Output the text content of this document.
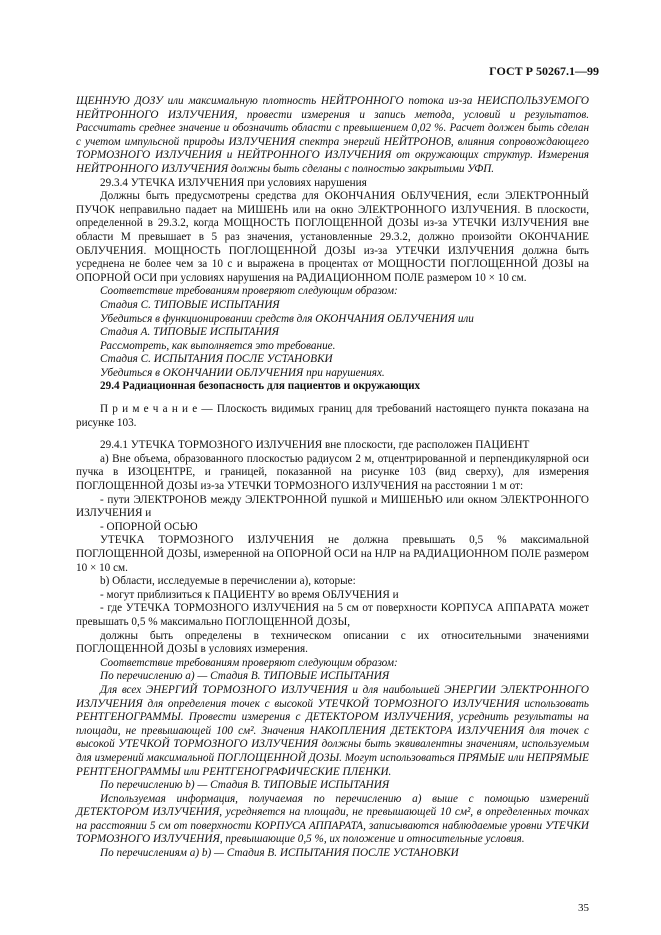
ГОСТ Р 50267.1—99

ЩЕННУЮ ДОЗУ или максимальную плотность НЕЙТРОННОГО потока из-за НЕИСПОЛЬЗУЕМОГО НЕЙТРОННОГО ИЗЛУЧЕНИЯ, провести измерения и запись метода, условий и результатов. Рассчитать среднее значение и обозначить области с превышением 0,02 %. Расчет должен быть сделан с учетом импульсной природы ИЗЛУЧЕНИЯ спектра энергий НЕЙТРОНОВ, влияния сопровождающего ТОРМОЗНОГО ИЗЛУЧЕНИЯ и НЕЙТРОННОГО ИЗЛУЧЕНИЯ от окружающих структур. Измерения НЕЙТРОННОГО ИЗЛУЧЕНИЯ должны быть сделаны с полностью закрытыми УФП.

29.3.4 УТЕЧКА ИЗЛУЧЕНИЯ при условиях нарушения

Должны быть предусмотрены средства для ОКОНЧАНИЯ ОБЛУЧЕНИЯ, если ЭЛЕКТРОННЫЙ ПУЧОК неправильно падает на МИШЕНЬ или на окно ЭЛЕКТРОННОГО ИЗЛУЧЕНИЯ. В плоскости, определенной в 29.3.2, когда МОЩНОСТЬ ПОГЛОЩЕННОЙ ДОЗЫ из-за УТЕЧКИ ИЗЛУЧЕНИЯ вне области M превышает в 5 раз значения, установленные 29.3.2, должно произойти ОКОНЧАНИЕ ОБЛУЧЕНИЯ. МОЩНОСТЬ ПОГЛОЩЕННОЙ ДОЗЫ из-за УТЕЧКИ ИЗЛУЧЕНИЯ должна быть усреднена не более чем за 10 с и выражена в процентах от МОЩНОСТИ ПОГЛОЩЕННОЙ ДОЗЫ на ОПОРНОЙ ОСИ при условиях нарушения на РАДИАЦИОННОМ ПОЛЕ размером 10 × 10 см.

Соответствие требованиям проверяют следующим образом:

Стадия С. ТИПОВЫЕ ИСПЫТАНИЯ

Убедиться в функционировании средств для ОКОНЧАНИЯ ОБЛУЧЕНИЯ или

Стадия А. ТИПОВЫЕ ИСПЫТАНИЯ

Рассмотреть, как выполняется это требование.

Стадия С. ИСПЫТАНИЯ ПОСЛЕ УСТАНОВКИ

Убедиться в ОКОНЧАНИИ ОБЛУЧЕНИЯ при нарушениях.

29.4 Радиационная безопасность для пациентов и окружающих

П р и м е ч а н и е — Плоскость видимых границ для требований настоящего пункта показана на рисунке 103.

29.4.1 УТЕЧКА ТОРМОЗНОГО ИЗЛУЧЕНИЯ вне плоскости, где расположен ПАЦИЕНТ

a) Вне объема, образованного плоскостью радиусом 2 м, отцентрированной и перпендикулярной оси пучка в ИЗОЦЕНТРЕ, и границей, показанной на рисунке 103 (вид сверху), для измерения ПОГЛОЩЕННОЙ ДОЗЫ из-за УТЕЧКИ ТОРМОЗНОГО ИЗЛУЧЕНИЯ на расстоянии 1 м от:

- пути ЭЛЕКТРОНОВ между ЭЛЕКТРОННОЙ пушкой и МИШЕНЬЮ или окном ЭЛЕКТРОННОГО ИЗЛУЧЕНИЯ и

- ОПОРНОЙ ОСЬЮ

УТЕЧКА ТОРМОЗНОГО ИЗЛУЧЕНИЯ не должна превышать 0,5 % максимальной ПОГЛОЩЕННОЙ ДОЗЫ, измеренной на ОПОРНОЙ ОСИ на НЛР на РАДИАЦИОННОМ ПОЛЕ размером 10 × 10 см.

b) Области, исследуемые в перечислении а), которые:

- могут приблизиться к ПАЦИЕНТУ во время ОБЛУЧЕНИЯ и

- где УТЕЧКА ТОРМОЗНОГО ИЗЛУЧЕНИЯ на 5 см от поверхности КОРПУСА АППАРАТА может превышать 0,5 % максимально ПОГЛОЩЕННОЙ ДОЗЫ,

должны быть определены в техническом описании с их относительными значениями ПОГЛОЩЕННОЙ ДОЗЫ в условиях измерения.

Соответствие требованиям проверяют следующим образом:

По перечислению а) — Стадия В. ТИПОВЫЕ ИСПЫТАНИЯ

Для всех ЭНЕРГИЙ ТОРМОЗНОГО ИЗЛУЧЕНИЯ и для наибольшей ЭНЕРГИИ ЭЛЕКТРОННОГО ИЗЛУЧЕНИЯ для определения точек с высокой УТЕЧКОЙ ТОРМОЗНОГО ИЗЛУЧЕНИЯ использовать РЕНТГЕНОГРАММЫ. Провести измерения с ДЕТЕКТОРОМ ИЗЛУЧЕНИЯ, усреднить результаты на площади, не превышающей 100 см². Значения НАКОПЛЕНИЯ ДЕТЕКТОРА ИЗЛУЧЕНИЯ для точек с высокой УТЕЧКОЙ ТОРМОЗНОГО ИЗЛУЧЕНИЯ должны быть эквивалентны значениям, используемым для измерений максимальной ПОГЛОЩЕННОЙ ДОЗЫ. Могут использоваться ПРЯМЫЕ или НЕПРЯМЫЕ РЕНТГЕНОГРАММЫ или РЕНТГЕНОГРАФИЧЕСКИЕ ПЛЕНКИ.

По перечислению b) — Стадия В. ТИПОВЫЕ ИСПЫТАНИЯ

Используемая информация, получаемая по перечислению а) выше с помощью измерений ДЕТЕКТОРОМ ИЗЛУЧЕНИЯ, усредняется на площади, не превышающей 10 см², в определенных точках на расстоянии 5 см от поверхности КОРПУСА АППАРАТА, записываются наблюдаемые уровни УТЕЧКИ ТОРМОЗНОГО ИЗЛУЧЕНИЯ, превышающие 0,5 %, их положение и относительные условия.

По перечислениям а) b) — Стадия В. ИСПЫТАНИЯ ПОСЛЕ УСТАНОВКИ

35
